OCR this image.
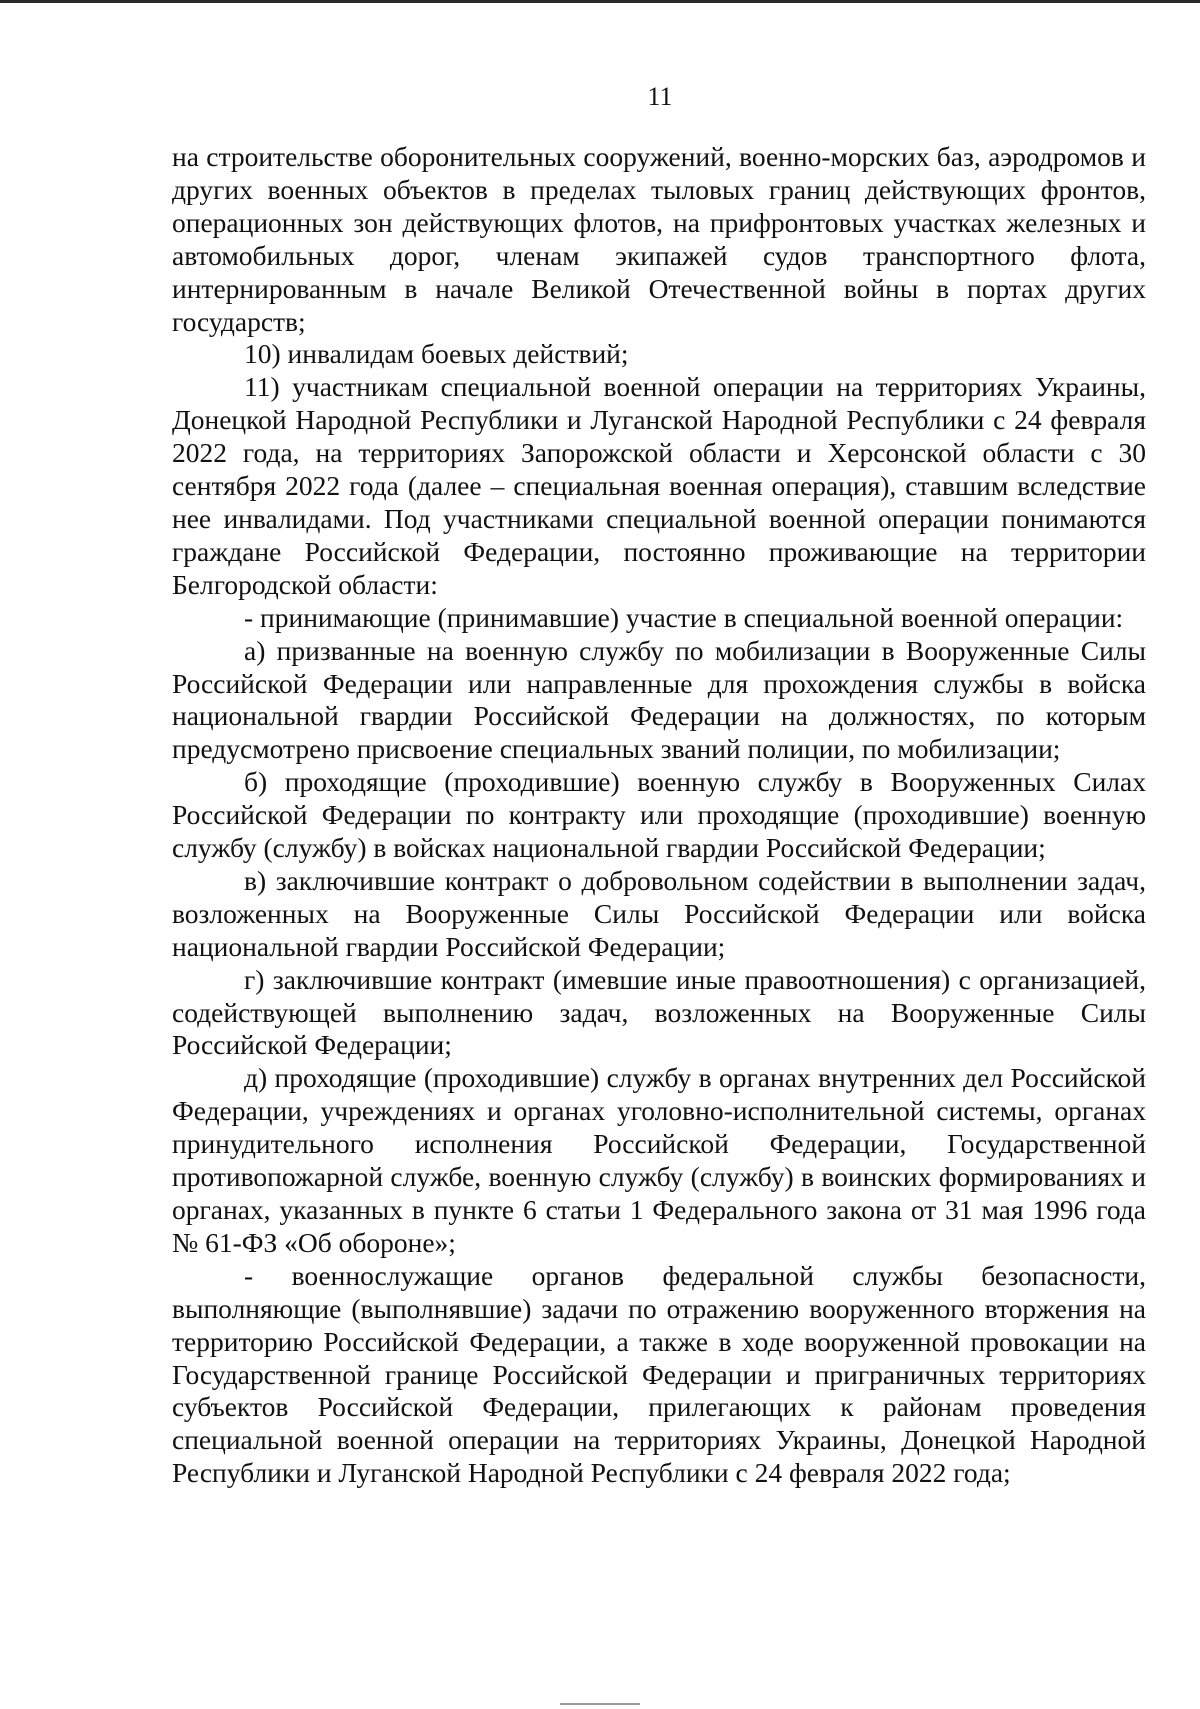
11

на строительстве оборонительных сооружений, военно-морских баз, аэродромов и других военных объектов в пределах тыловых границ действующих фронтов, операционных зон действующих флотов, на прифронтовых участках железных и автомобильных дорог, членам экипажей судов транспортного флота, интернированным в начале Великой Отечественной войны в портах других государств;

10) инвалидам боевых действий;

11) участникам специальной военной операции на территориях Украины, Донецкой Народной Республики и Луганской Народной Республики с 24 февраля 2022 года, на территориях Запорожской области и Херсонской области с 30 сентября 2022 года (далее – специальная военная операция), ставшим вследствие нее инвалидами. Под участниками специальной военной операции понимаются граждане Российской Федерации, постоянно проживающие на территории Белгородской области:

- принимающие (принимавшие) участие в специальной военной операции:

а) призванные на военную службу по мобилизации в Вооруженные Силы Российской Федерации или направленные для прохождения службы в войска национальной гвардии Российской Федерации на должностях, по которым предусмотрено присвоение специальных званий полиции, по мобилизации;

б) проходящие (проходившие) военную службу в Вооруженных Силах Российской Федерации по контракту или проходящие (проходившие) военную службу (службу) в войсках национальной гвардии Российской Федерации;

в) заключившие контракт о добровольном содействии в выполнении задач, возложенных на Вооруженные Силы Российской Федерации или войска национальной гвардии Российской Федерации;

г) заключившие контракт (имевшие иные правоотношения) с организацией, содействующей выполнению задач, возложенных на Вооруженные Силы Российской Федерации;

д) проходящие (проходившие) службу в органах внутренних дел Российской Федерации, учреждениях и органах уголовно-исполнительной системы, органах принудительного исполнения Российской Федерации, Государственной противопожарной службе, военную службу (службу) в воинских формированиях и органах, указанных в пункте 6 статьи 1 Федерального закона от 31 мая 1996 года № 61-ФЗ «Об обороне»;

- военнослужащие органов федеральной службы безопасности, выполняющие (выполнявшие) задачи по отражению вооруженного вторжения на территорию Российской Федерации, а также в ходе вооруженной провокации на Государственной границе Российской Федерации и приграничных территориях субъектов Российской Федерации, прилегающих к районам проведения специальной военной операции на территориях Украины, Донецкой Народной Республики и Луганской Народной Республики с 24 февраля 2022 года;
